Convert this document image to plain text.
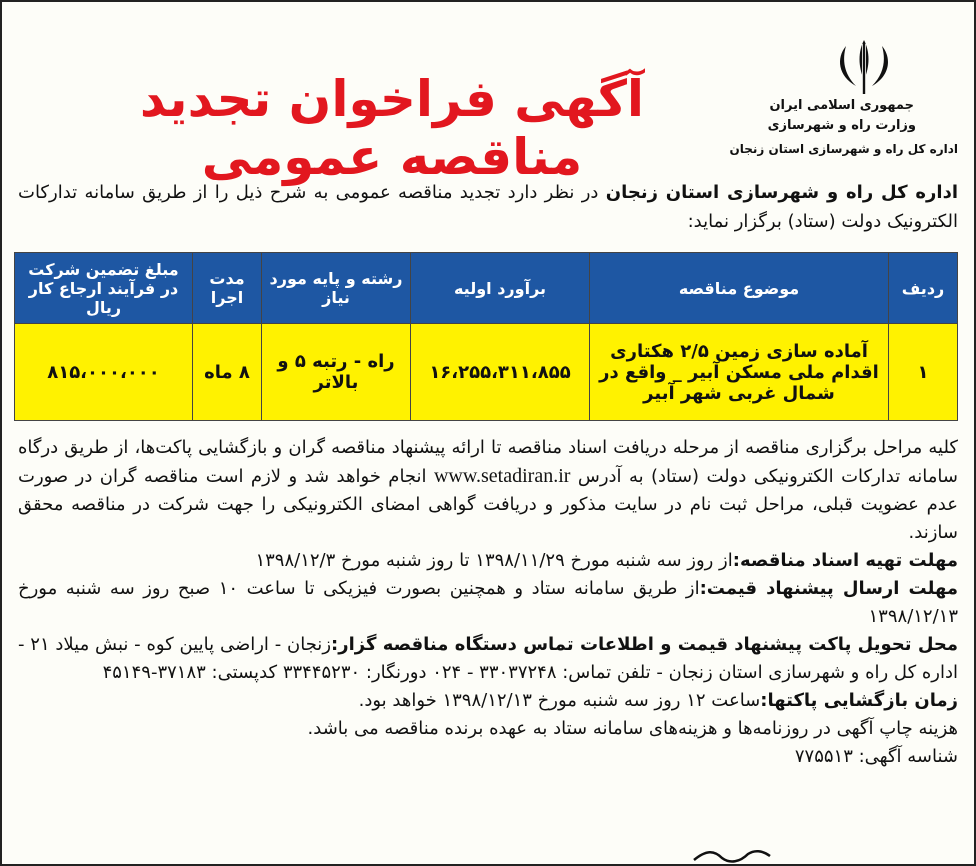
جمهوری اسلامی ایران
وزارت راه و شهرسازی
اداره کل راه و شهرسازی استان زنجان
آگهی فراخوان تجدید مناقصه عمومی
اداره کل راه و شهرسازی استان زنجان در نظر دارد تجدید مناقصه عمومی به شرح ذیل را از طریق سامانه تدارکات الکترونیک دولت (ستاد) برگزار نماید:
ردیف	موضوع مناقصه	برآورد اولیه	رشته و پایه مورد نیاز	مدت اجرا	مبلغ تضمین شرکت در فرآیند ارجاع کار ریال
۱	آماده سازی زمین ۲/۵ هکتاری اقدام ملی مسکن آبیر _ واقع در شمال غربی شهر آبیر	۱۶،۲۵۵،۳۱۱،۸۵۵	راه - رتبه ۵ و بالاتر	۸ ماه	۸۱۵،۰۰۰،۰۰۰
کلیه مراحل برگزاری مناقصه از مرحله دریافت اسناد مناقصه تا ارائه پیشنهاد مناقصه گران و بازگشایی پاکت‌ها، از طریق درگاه سامانه تدارکات الکترونیکی دولت (ستاد) به آدرس www.setadiran.ir انجام خواهد شد و لازم است مناقصه گران در صورت عدم عضویت قبلی، مراحل ثبت نام در سایت مذکور و دریافت گواهی امضای الکترونیکی را جهت شرکت در مناقصه محقق سازند.
مهلت تهیه اسناد مناقصه:از روز سه شنبه مورخ ۱۳۹۸/۱۱/۲۹ تا روز شنبه مورخ ۱۳۹۸/۱۲/۳
مهلت ارسال پیشنهاد قیمت:از طریق سامانه ستاد و همچنین بصورت فیزیکی تا ساعت ۱۰ صبح روز سه شنبه مورخ ۱۳۹۸/۱۲/۱۳
محل تحویل پاکت پیشنهاد قیمت و اطلاعات تماس دستگاه مناقصه گزار:زنجان - اراضی پایین کوه - نبش میلاد ۲۱ - اداره کل راه و شهرسازی استان زنجان - تلفن تماس: ۳۳۰۳۷۲۴۸ - ۰۲۴ دورنگار: ۳۳۴۴۵۲۳۰ کدپستی: ۳۷۱۸۳-۴۵۱۴۹
زمان بازگشایی پاکتها:ساعت ۱۲ روز سه شنبه مورخ ۱۳۹۸/۱۲/۱۳ خواهد بود.
هزینه چاپ آگهی در روزنامه‌ها و هزینه‌های سامانه ستاد به عهده برنده مناقصه می باشد.
شناسه آگهی: ۷۷۵۵۱۳
